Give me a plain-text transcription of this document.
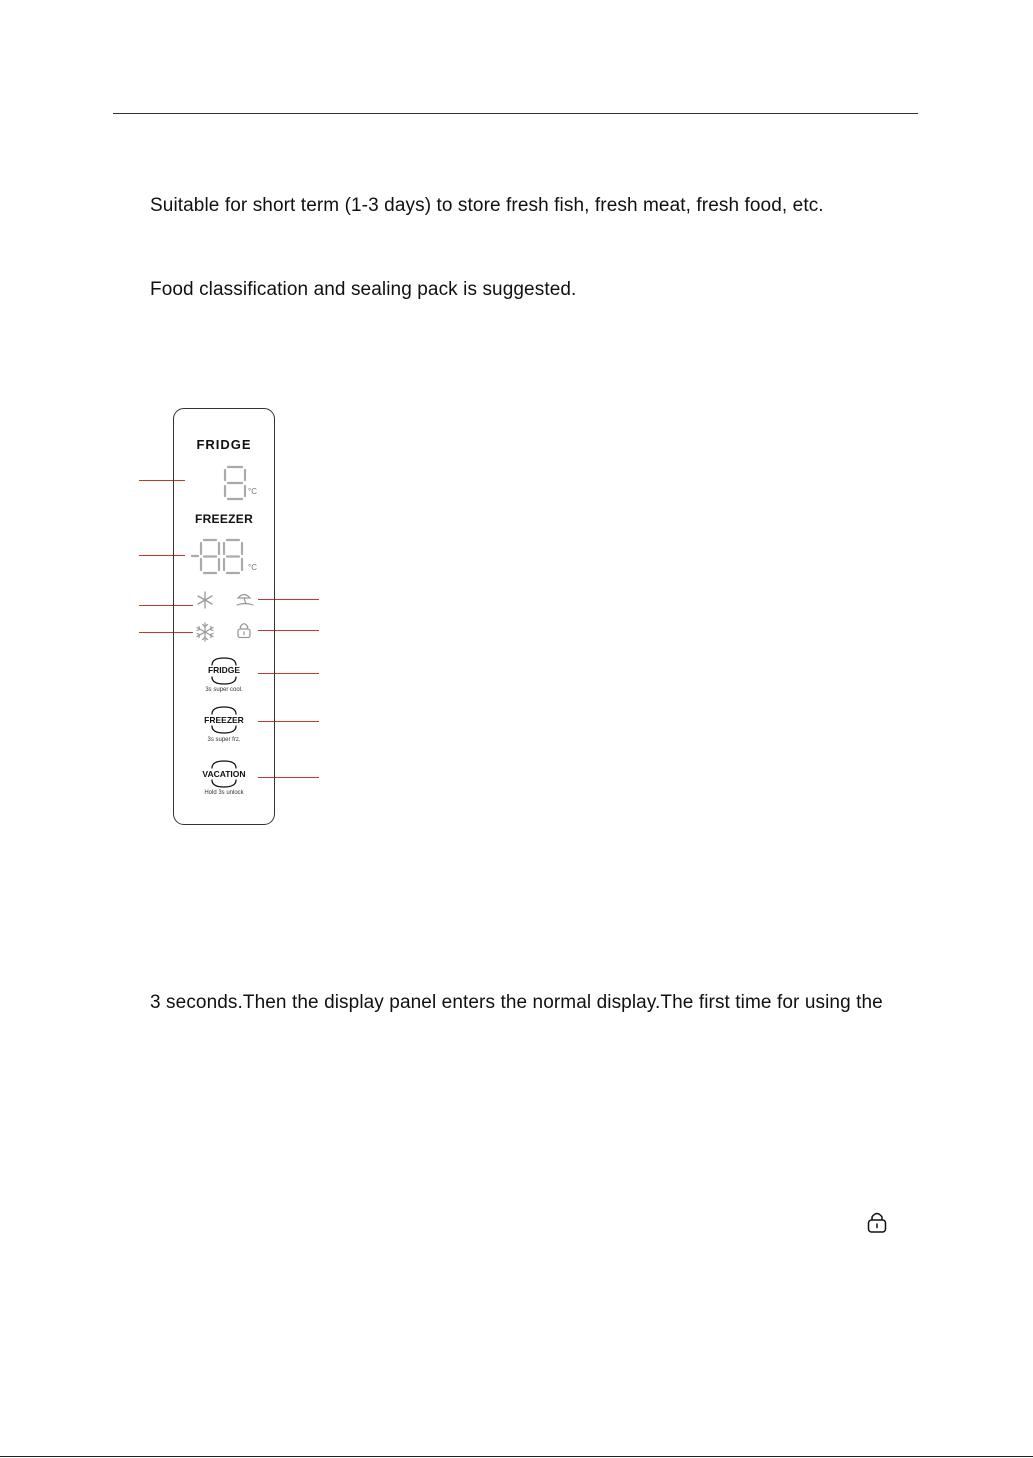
Suitable for short term (1-3 days) to store fresh fish, fresh meat, fresh food, etc.
Food classification and sealing pack is suggested.
FRIDGE
°C
FREEZER
°C
FRIDGE
3s super cool.
FREEZER
3s super frz.
VACATION
Hold 3s unlock
3 seconds.Then the display panel enters the normal display.The first time for using the
